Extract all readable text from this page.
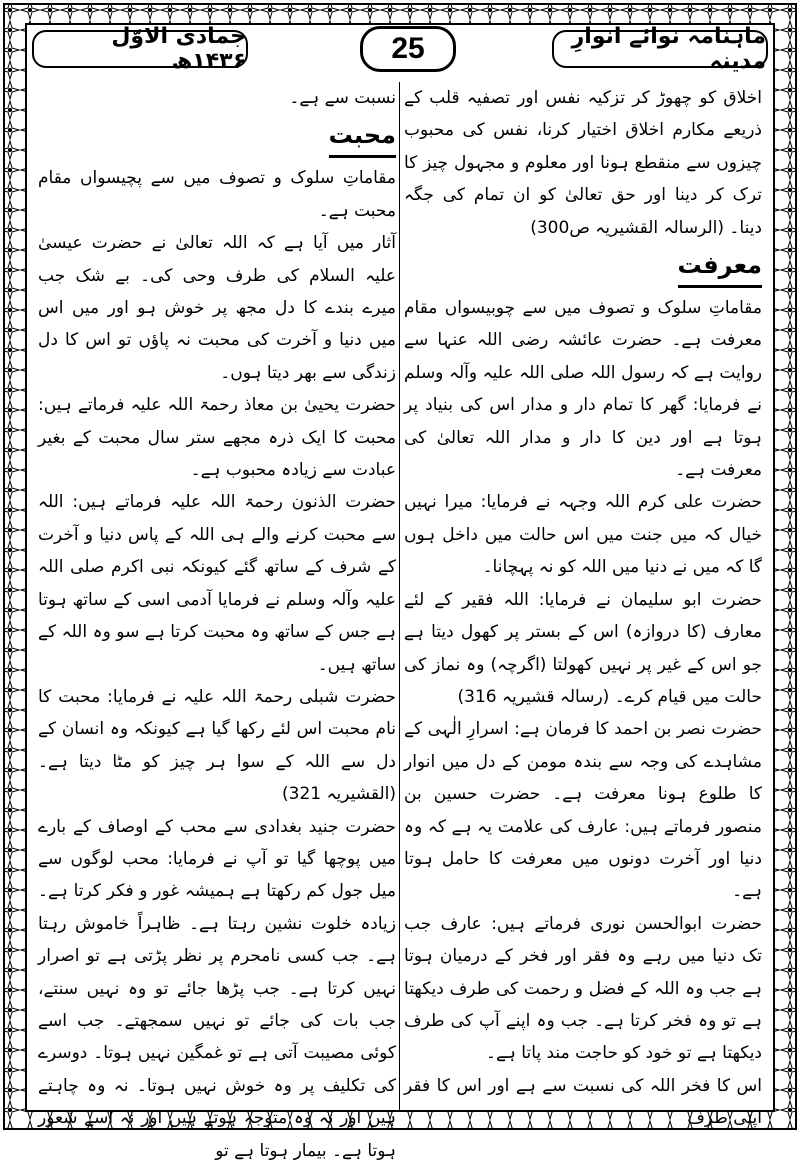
ماہنامہ نوائے انوارِ مدینہ
25
جمادی الاوّل ۱۴۳۶ھ

اخلاق کو چھوڑ کر تزکیہ نفس اور تصفیہ قلب کے ذریعے مکارم اخلاق اختیار کرنا، نفس کی محبوب چیزوں سے منقطع ہونا اور معلوم و مجہول چیز کا ترک کر دینا اور حق تعالیٰ کو ان تمام کی جگہ دینا۔ (الرسالہ القشیریہ ص300)

معرفت

مقاماتِ سلوک و تصوف میں سے چوبیسواں مقام معرفت ہے۔ حضرت عائشہ رضی اللہ عنہا سے روایت ہے کہ رسول اللہ صلی اللہ علیہ وآلہ وسلم نے فرمایا: گھر کا تمام دار و مدار اس کی بنیاد پر ہوتا ہے اور دین کا دار و مدار اللہ تعالیٰ کی معرفت ہے۔

حضرت علی کرم اللہ وجہہ نے فرمایا: میرا نہیں خیال کہ میں جنت میں اس حالت میں داخل ہوں گا کہ میں نے دنیا میں اللہ کو نہ پہچانا۔

حضرت ابو سلیمان نے فرمایا: اللہ فقیر کے لئے معارف (کا دروازہ) اس کے بستر پر کھول دیتا ہے جو اس کے غیر پر نہیں کھولتا (اگرچہ) وہ نماز کی حالت میں قیام کرے۔ (رسالہ قشیریہ 316)

حضرت نصر بن احمد کا فرمان ہے: اسرارِ الٰہی کے مشاہدے کی وجہ سے بندہ مومن کے دل میں انوار کا طلوع ہونا معرفت ہے۔ حضرت حسین بن منصور فرماتے ہیں: عارف کی علامت یہ ہے کہ وہ دنیا اور آخرت دونوں میں معرفت کا حامل ہوتا ہے۔

حضرت ابوالحسن نوری فرماتے ہیں: عارف جب تک دنیا میں رہے وہ فقر اور فخر کے درمیان ہوتا ہے جب وہ اللہ کے فضل و رحمت کی طرف دیکھتا ہے تو وہ فخر کرتا ہے۔ جب وہ اپنے آپ کی طرف دیکھتا ہے تو خود کو حاجت مند پاتا ہے۔

اس کا فخر اللہ کی نسبت سے ہے اور اس کا فقر اپنی طرف

نسبت سے ہے۔

محبت

مقاماتِ سلوک و تصوف میں سے پچیسواں مقام محبت ہے۔

آثار میں آیا ہے کہ اللہ تعالیٰ نے حضرت عیسیٰ علیہ السلام کی طرف وحی کی۔ بے شک جب میرے بندے کا دل مجھ پر خوش ہو اور میں اس میں دنیا و آخرت کی محبت نہ پاؤں تو اس کا دل زندگی سے بھر دیتا ہوں۔

حضرت یحییٰ بن معاذ رحمۃ اللہ علیہ فرماتے ہیں: محبت کا ایک ذرہ مجھے ستر سال محبت کے بغیر عبادت سے زیادہ محبوب ہے۔

حضرت الذنون رحمۃ اللہ علیہ فرماتے ہیں: اللہ سے محبت کرنے والے ہی اللہ کے پاس دنیا و آخرت کے شرف کے ساتھ گئے کیونکہ نبی اکرم صلی اللہ علیہ وآلہ وسلم نے فرمایا آدمی اسی کے ساتھ ہوتا ہے جس کے ساتھ وہ محبت کرتا ہے سو وہ اللہ کے ساتھ ہیں۔

حضرت شبلی رحمۃ اللہ علیہ نے فرمایا: محبت کا نام محبت اس لئے رکھا گیا ہے کیونکہ وہ انسان کے دل سے اللہ کے سوا ہر چیز کو مٹا دیتا ہے۔ (القشیریہ 321)

حضرت جنید بغدادی سے محب کے اوصاف کے بارے میں پوچھا گیا تو آپ نے فرمایا: محب لوگوں سے میل جول کم رکھتا ہے ہمیشہ غور و فکر کرتا ہے۔ زیادہ خلوت نشین رہتا ہے۔ ظاہراً خاموش رہتا ہے۔ جب کسی نامحرم پر نظر پڑتی ہے تو اصرار نہیں کرتا ہے۔ جب پڑھا جائے تو وہ نہیں سنتے، جب بات کی جائے تو نہیں سمجھتے۔ جب اسے کوئی مصیبت آتی ہے تو غمگین نہیں ہوتا۔ دوسرے کی تکلیف پر وہ خوش نہیں ہوتا۔ نہ وہ چاہتے ہیں اور نہ وہ متوجہ ہوتے ہیں اور نہ اسے شعور ہوتا ہے۔ بیمار ہوتا ہے تو
